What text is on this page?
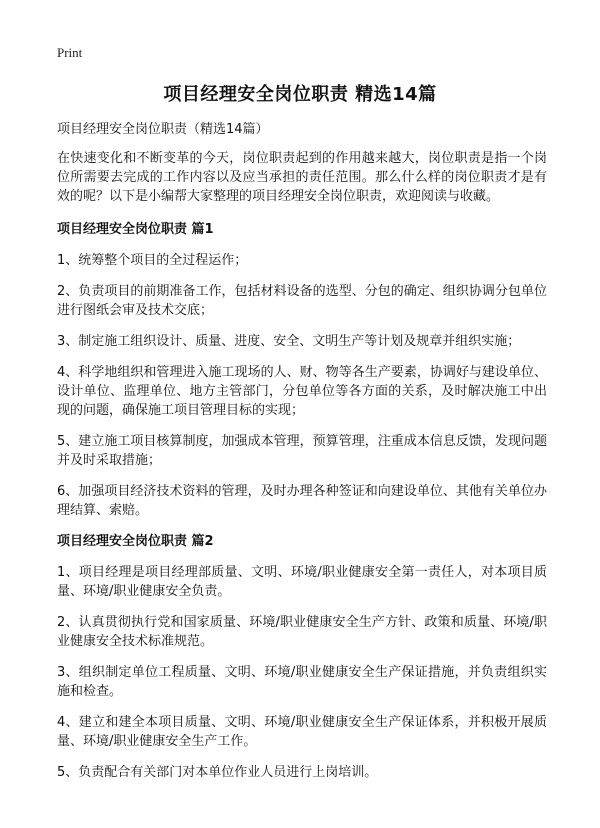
Print
项目经理安全岗位职责 精选14篇

项目经理安全岗位职责（精选14篇）

在快速变化和不断变革的今天，岗位职责起到的作用越来越大，岗位职责是指一个岗位所需要去完成的工作内容以及应当承担的责任范围。那么什么样的岗位职责才是有效的呢？以下是小编帮大家整理的项目经理安全岗位职责，欢迎阅读与收藏。

项目经理安全岗位职责 篇1

1、统筹整个项目的全过程运作；

2、负责项目的前期准备工作，包括材料设备的选型、分包的确定、组织协调分包单位进行图纸会审及技术交底；

3、制定施工组织设计、质量、进度、安全、文明生产等计划及规章并组织实施；

4、科学地组织和管理进入施工现场的人、财、物等各生产要素，协调好与建设单位、设计单位、监理单位、地方主管部门，分包单位等各方面的关系，及时解决施工中出现的问题，确保施工项目管理目标的实现；

5、建立施工项目核算制度，加强成本管理，预算管理，注重成本信息反馈，发现问题并及时采取措施；

6、加强项目经济技术资料的管理，及时办理各种签证和向建设单位、其他有关单位办理结算、索赔。

项目经理安全岗位职责 篇2

1、项目经理是项目经理部质量、文明、环境/职业健康安全第一责任人，对本项目质量、环境/职业健康安全负责。

2、认真贯彻执行党和国家质量、环境/职业健康安全生产方针、政策和质量、环境/职业健康安全技术标准规范。

3、组织制定单位工程质量、文明、环境/职业健康安全生产保证措施，并负责组织实施和检查。

4、建立和建全本项目质量、文明、环境/职业健康安全生产保证体系，并积极开展质量、环境/职业健康安全生产工作。

5、负责配合有关部门对本单位作业人员进行上岗培训。
